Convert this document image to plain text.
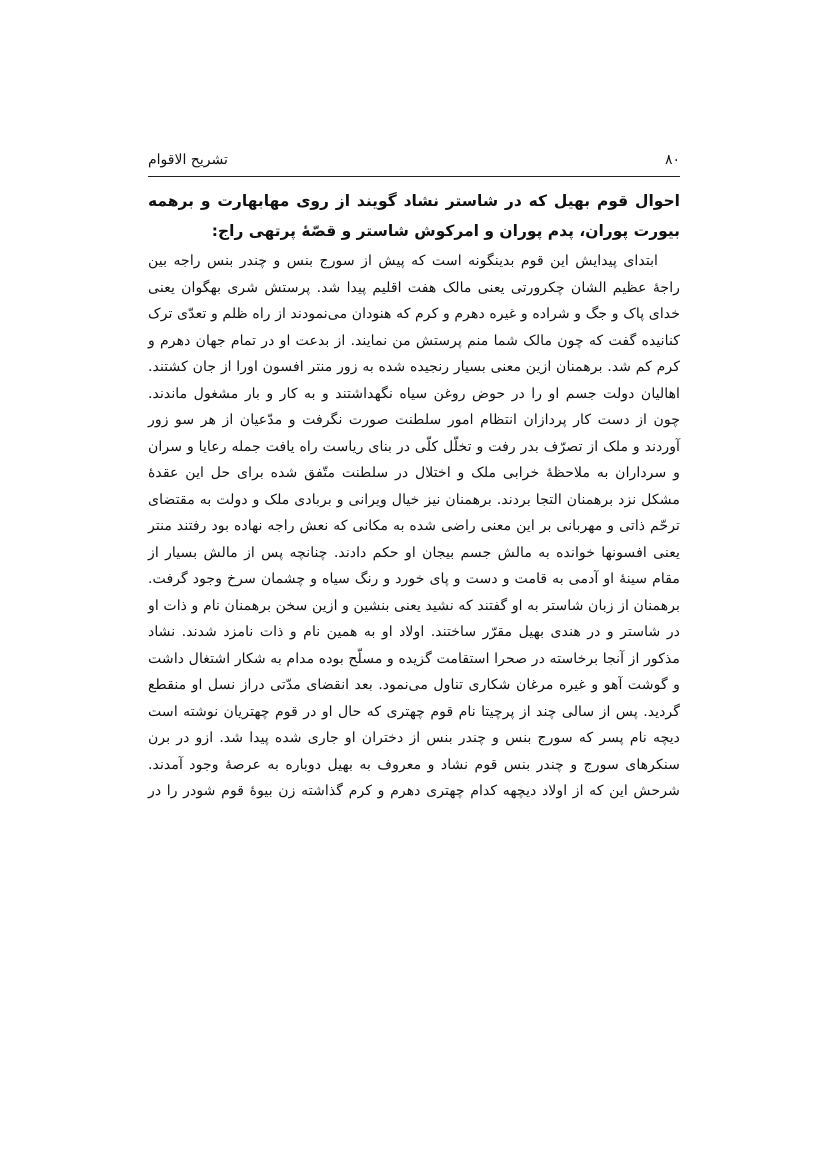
۸۰
تشریح الاقوام

احوال قوم بهیل که در شاستر نشاد گویند از روی مهابهارت و برهمه بیورت پوران، پدم پوران و امرکوش شاستر و قصّهٔ پرتهی راج:

ابتدای پیدایش این قوم بدینگونه است که پیش از سورج بنس و چندر بنس راجه بین راجهٔ عظیم الشان چکرورتی یعنی مالک هفت اقلیم پیدا شد. پرستش شری بهگوان یعنی خدای پاک و جگ و شراده و غیره دهرم و کرم که هنودان می‌نمودند از راه ظلم و تعدّی ترک کنانیده گفت که چون مالک شما منم پرستش من نمایند. از بدعت او در تمام جهان دهرم و کرم کم شد. برهمنان ازین معنی بسیار رنجیده شده به زور منتر افسون اورا از جان کشتند. اهالیان دولت جسم او را در حوض روغن سیاه نگهداشتند و به کار و بار مشغول ماندند. چون از دست کار پردازان انتظام امور سلطنت صورت نگرفت و مدّعیان از هر سو زور آوردند و ملک از تصرّف بدر رفت و تخلّل کلّی در بنای ریاست راه یافت جمله رعایا و سران و سرداران به ملاحظهٔ خرابی ملک و اختلال در سلطنت متّفق شده برای حل این عقدهٔ مشکل نزد برهمنان التجا بردند. برهمنان نیز خیال ویرانی و بربادی ملک و دولت به مقتضای ترحّم ذاتی و مهربانی بر این معنی راضی شده به مکانی که نعش راجه نهاده بود رفتند منتر یعنی افسونها خوانده به مالش جسم بیجان او حکم دادند. چنانچه پس از مالش بسیار از مقام سینهٔ او آدمی به قامت و دست و پای خورد و رنگ سیاه و چشمان سرخ وجود گرفت. برهمنان از زبان شاستر به او گفتند که نشید یعنی بنشین و ازین سخن برهمنان نام و ذات او در شاستر و در هندی بهیل مقرّر ساختند. اولاد او به همین نام و ذات نامزد شدند. نشاد مذکور از آنجا برخاسته در صحرا استقامت گزیده و مسلّح بوده مدام به شکار اشتغال داشت و گوشت آهو و غیره مرغان شکاری تناول می‌نمود. بعد انقضای مدّتی دراز نسل او منقطع گردید. پس از سالی چند از پرچیتا نام قوم چهتری که حال او در قوم چهتریان نوشته است دیچه نام پسر که سورج بنس و چندر بنس از دختران او جاری شده پیدا شد. ازو در برن سنکرهای سورج و چندر بنس قوم نشاد و معروف به بهیل دوباره به عرصهٔ وجود آمدند. شرحش این که از اولاد دیچهه کدام چهتری دهرم و کرم گذاشته زن بیوهٔ قوم شودر را در
